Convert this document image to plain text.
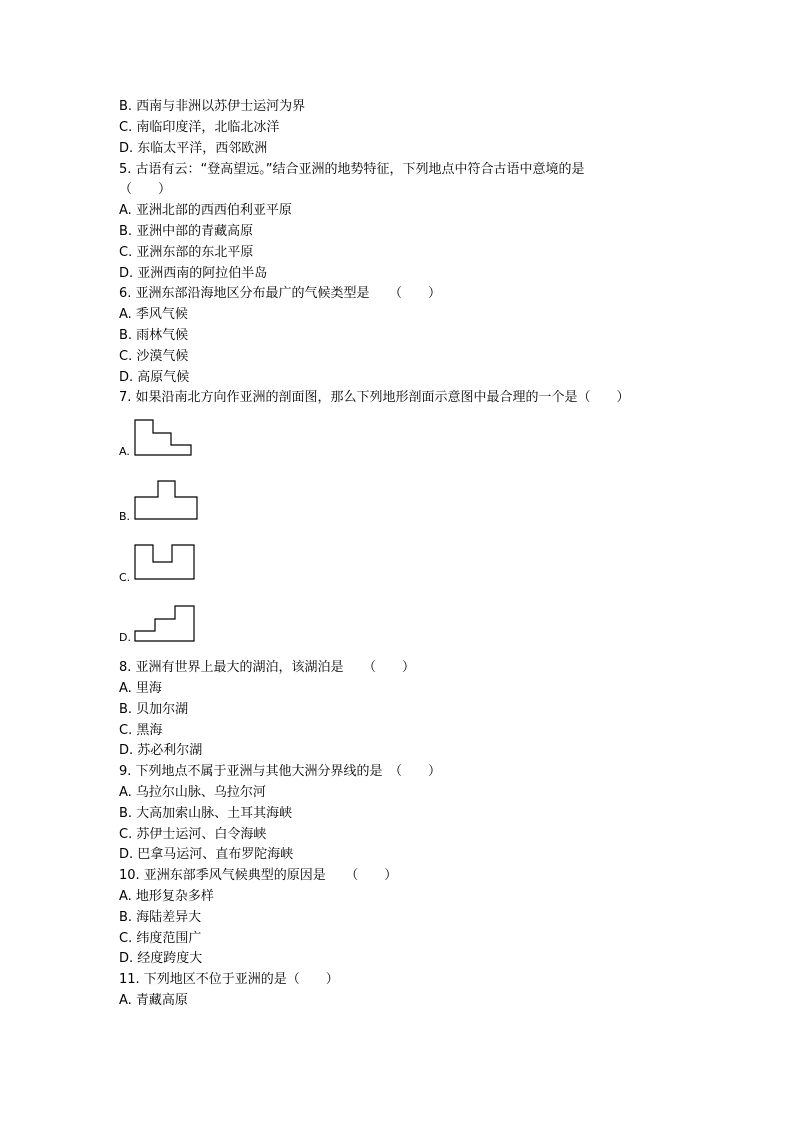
B. 西南与非洲以苏伊士运河为界
C. 南临印度洋，北临北冰洋
D. 东临太平洋，西邻欧洲
5. 古语有云：“登高望远。”结合亚洲的地势特征，下列地点中符合古语中意境的是
（　　）
A. 亚洲北部的西西伯利亚平原
B. 亚洲中部的青藏高原
C. 亚洲东部的东北平原
D. 亚洲西南的阿拉伯半岛
6. 亚洲东部沿海地区分布最广的气候类型是　　（　　）
A. 季风气候
B. 雨林气候
C. 沙漠气候
D. 高原气候
7. 如果沿南北方向作亚洲的剖面图，那么下列地形剖面示意图中最合理的一个是（　　）
A.
B.
C.
D.
8. 亚洲有世界上最大的湖泊，该湖泊是　　（　　）
A. 里海
B. 贝加尔湖
C. 黑海
D. 苏必利尔湖
9. 下列地点不属于亚洲与其他大洲分界线的是　（　　）
A. 乌拉尔山脉、乌拉尔河
B. 大高加索山脉、土耳其海峡
C. 苏伊士运河、白令海峡
D. 巴拿马运河、直布罗陀海峡
10. 亚洲东部季风气候典型的原因是　　（　　）
A. 地形复杂多样
B. 海陆差异大
C. 纬度范围广
D. 经度跨度大
11. 下列地区不位于亚洲的是（　　）
A. 青藏高原
